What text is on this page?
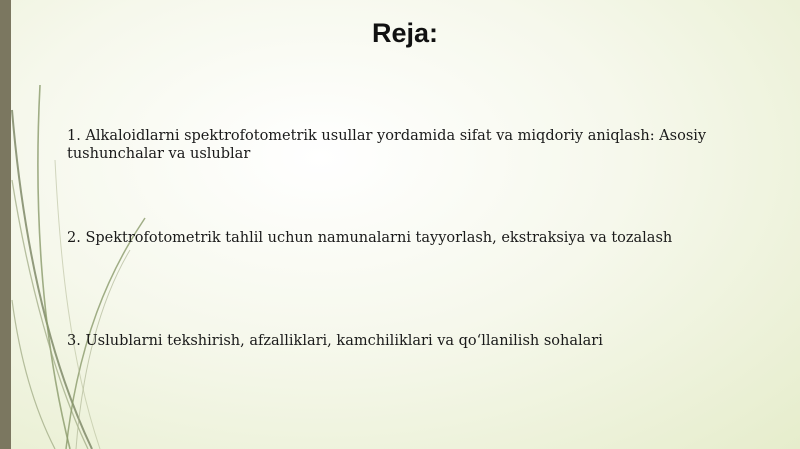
Reja:

1. Alkaloidlarni spektrofotometrik usullar yordamida sifat va miqdoriy aniqlash: Asosiy tushunchalar va uslublar

2. Spektrofotometrik tahlil uchun namunalarni tayyorlash, ekstraksiya va tozalash

3. Uslublarni tekshirish, afzalliklari, kamchiliklari va qo‘llanilish sohalari
